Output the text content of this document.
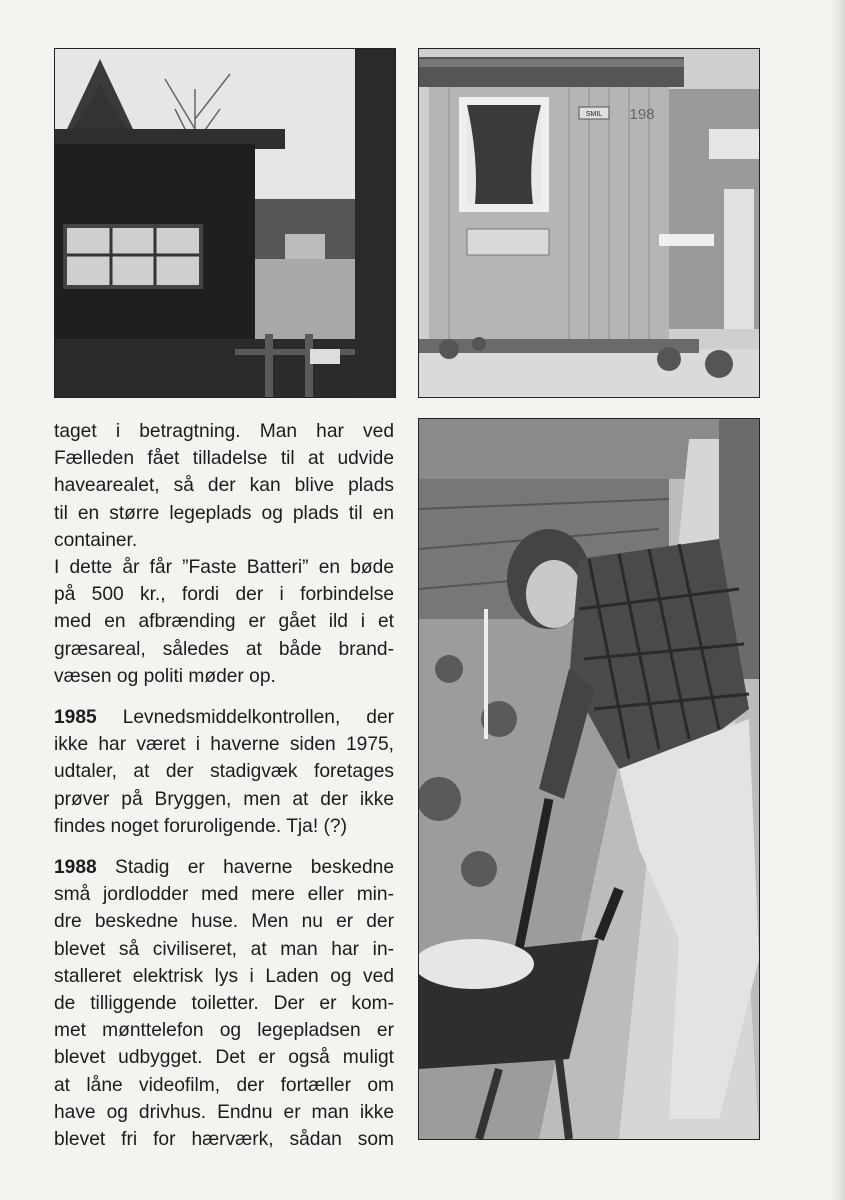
SMIL 198

taget i betragtning. Man har ved
Fælleden fået tilladelse til at udvide
havearealet, så der kan blive plads
til en større legeplads og plads til en
container.

I dette år får ”Faste Batteri” en bøde
på 500 kr., fordi der i forbindelse
med en afbrænding er gået ild i et
græsareal, således at både brand-
væsen og politi møder op.

1985 Levnedsmiddelkontrollen, der
ikke har været i haverne siden 1975,
udtaler, at der stadigvæk foretages
prøver på Bryggen, men at der ikke
findes noget foruroligende. Tja! (?)

1988 Stadig er haverne beskedne
små jordlodder med mere eller min-
dre beskedne huse. Men nu er der
blevet så civiliseret, at man har in-
stalleret elektrisk lys i Laden og ved
de tilliggende toiletter. Der er kom-
met mønttelefon og legepladsen er
blevet udbygget. Det er også muligt
at låne videofilm, der fortæller om
have og drivhus. Endnu er man ikke
blevet fri for hærværk, sådan som
